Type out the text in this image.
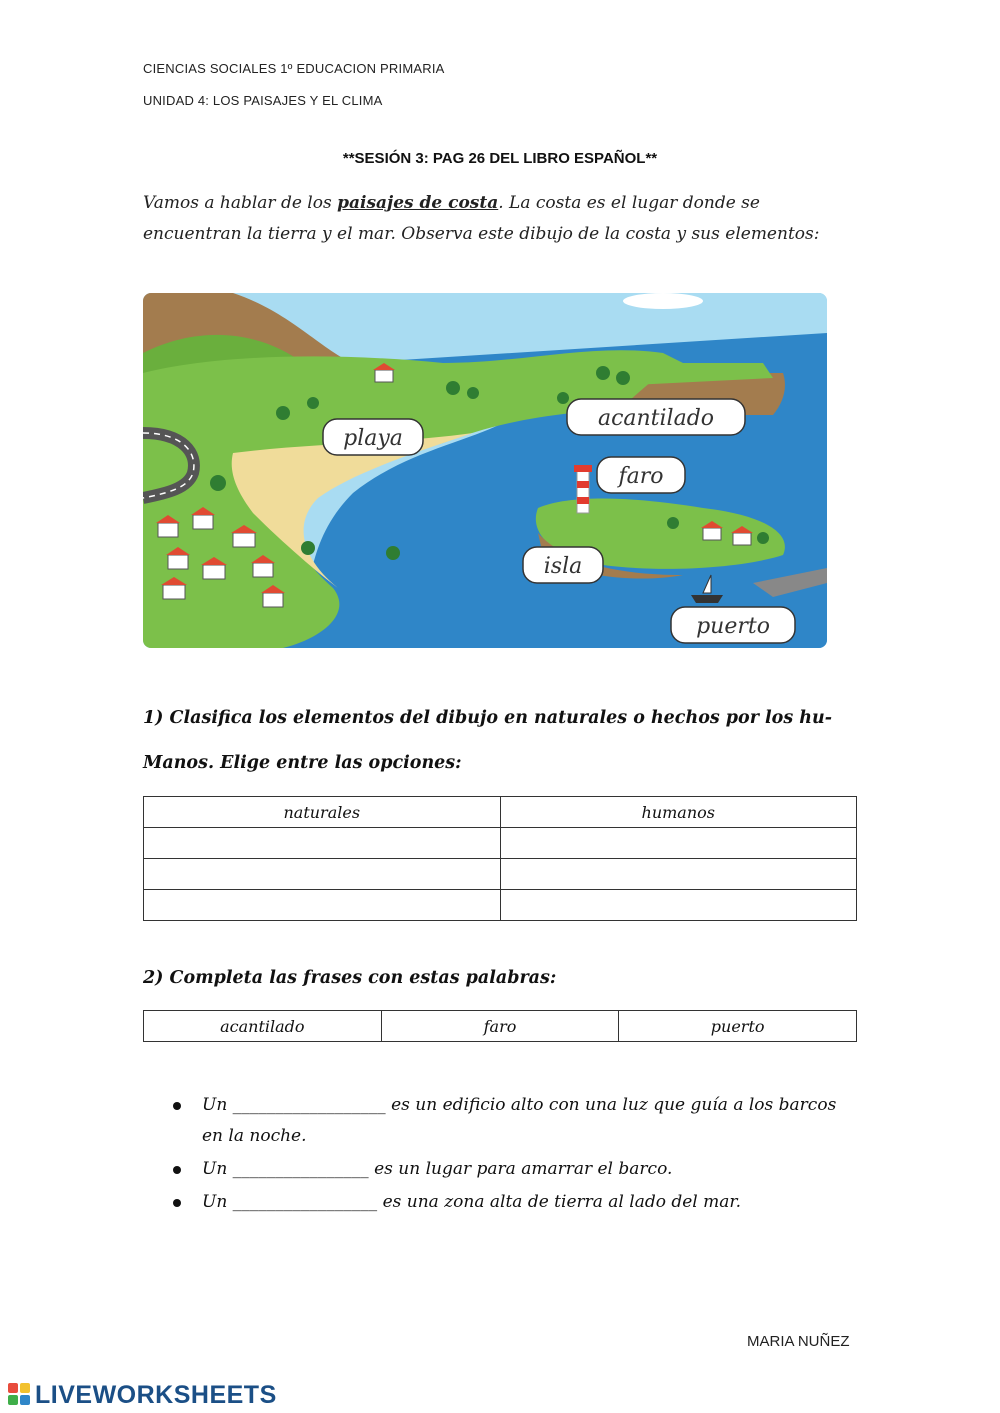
CIENCIAS SOCIALES 1º EDUCACION PRIMARIA
UNIDAD 4: LOS PAISAJES Y EL CLIMA
**SESIÓN 3: PAG 26 DEL LIBRO ESPAÑOL**
Vamos a hablar de los paisajes de costa. La costa es el lugar donde se encuentran la tierra y el mar. Observa este dibujo de la costa y sus elementos:
playa
acantilado
faro
isla
puerto
1) Clasifica los elementos del dibujo en naturales o hechos por los hu-
Manos. Elige entre las opciones:
naturales	humanos

2) Completa las frases con estas palabras:
acantilado	faro	puerto
Un __________________ es un edificio alto con una luz que guía a los barcos en la noche.
Un ________________ es un lugar para amarrar el barco.
Un _________________ es una zona alta de tierra al lado del mar.
MARIA NUÑEZ
LIVEWORKSHEETS
